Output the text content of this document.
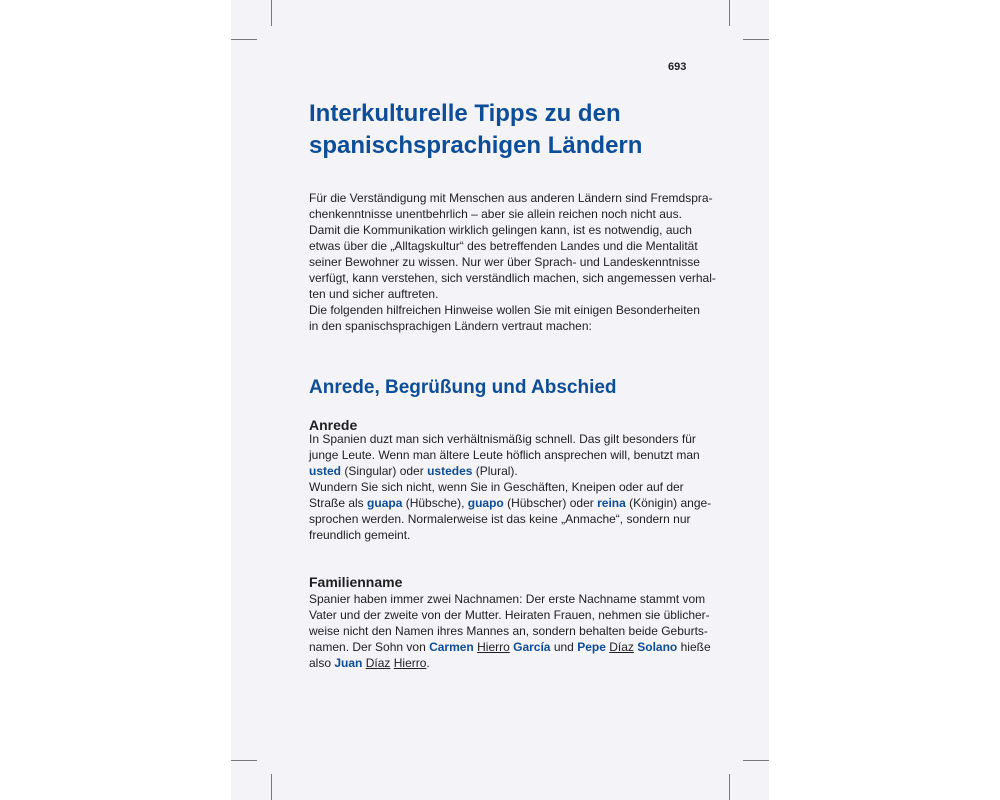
693
Interkulturelle Tipps zu den
spanischsprachigen Ländern
Für die Verständigung mit Menschen aus anderen Ländern sind Fremdspra-
chenkenntnisse unentbehrlich – aber sie allein reichen noch nicht aus.
Damit die Kommunikation wirklich gelingen kann, ist es notwendig, auch
etwas über die „Alltagskultur“ des betreffenden Landes und die Mentalität
seiner Bewohner zu wissen. Nur wer über Sprach- und Landeskenntnisse
verfügt, kann verstehen, sich verständlich machen, sich angemessen verhal-
ten und sicher auftreten.
Die folgenden hilfreichen Hinweise wollen Sie mit einigen Besonderheiten
in den spanischsprachigen Ländern vertraut machen:
Anrede, Begrüßung und Abschied
Anrede
In Spanien duzt man sich verhältnismäßig schnell. Das gilt besonders für
junge Leute. Wenn man ältere Leute höflich ansprechen will, benutzt man
usted (Singular) oder ustedes (Plural).
Wundern Sie sich nicht, wenn Sie in Geschäften, Kneipen oder auf der
Straße als guapa (Hübsche), guapo (Hübscher) oder reina (Königin) ange-
sprochen werden. Normalerweise ist das keine „Anmache“, sondern nur
freundlich gemeint.
Familienname
Spanier haben immer zwei Nachnamen: Der erste Nachname stammt vom
Vater und der zweite von der Mutter. Heiraten Frauen, nehmen sie üblicher-
weise nicht den Namen ihres Mannes an, sondern behalten beide Geburts-
namen. Der Sohn von Carmen Hierro García und Pepe Díaz Solano hieße
also Juan Díaz Hierro.
